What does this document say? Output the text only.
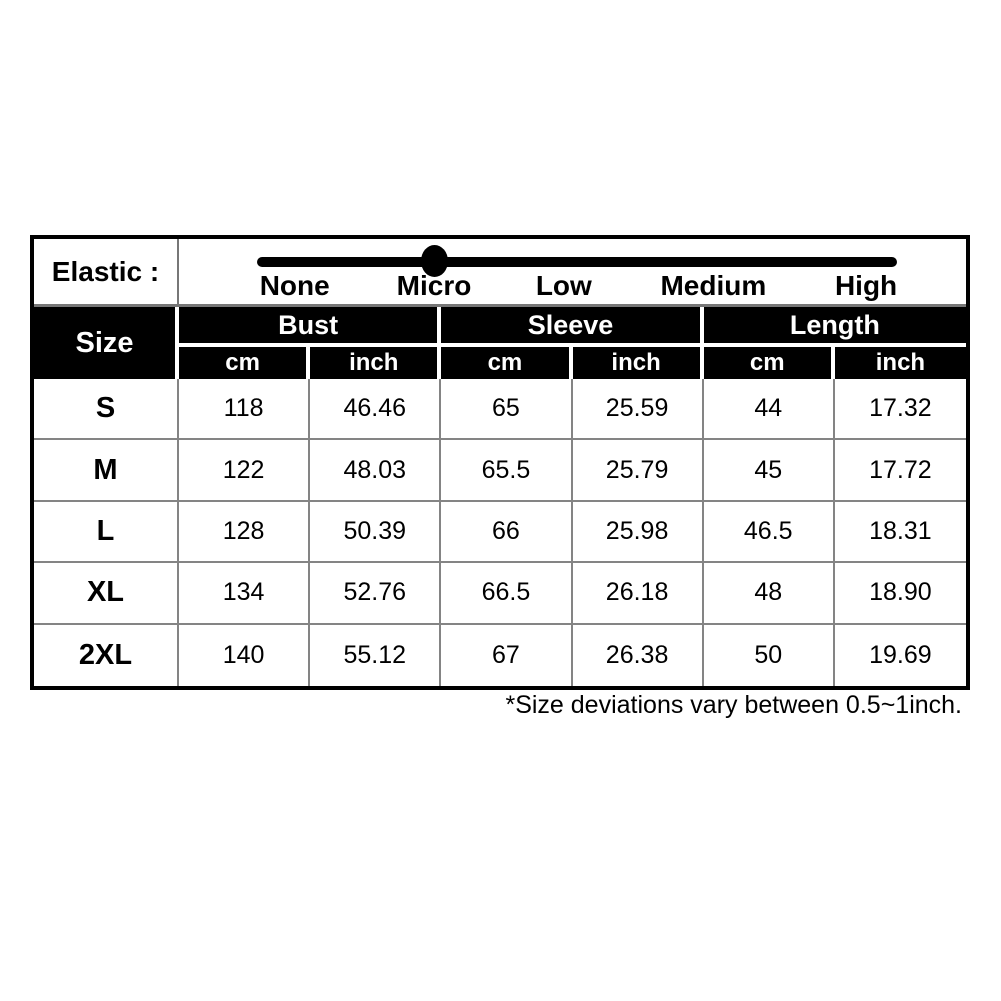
Elastic :	None Micro Low Medium High
Size
Bust	Sleeve	Length
cm	inch	cm	inch	cm	inch
S	118	46.46	65	25.59	44	17.32
M	122	48.03	65.5	25.79	45	17.72
L	128	50.39	66	25.98	46.5	18.31
XL	134	52.76	66.5	26.18	48	18.90
2XL	140	55.12	67	26.38	50	19.69
*Size deviations vary between 0.5~1inch.
